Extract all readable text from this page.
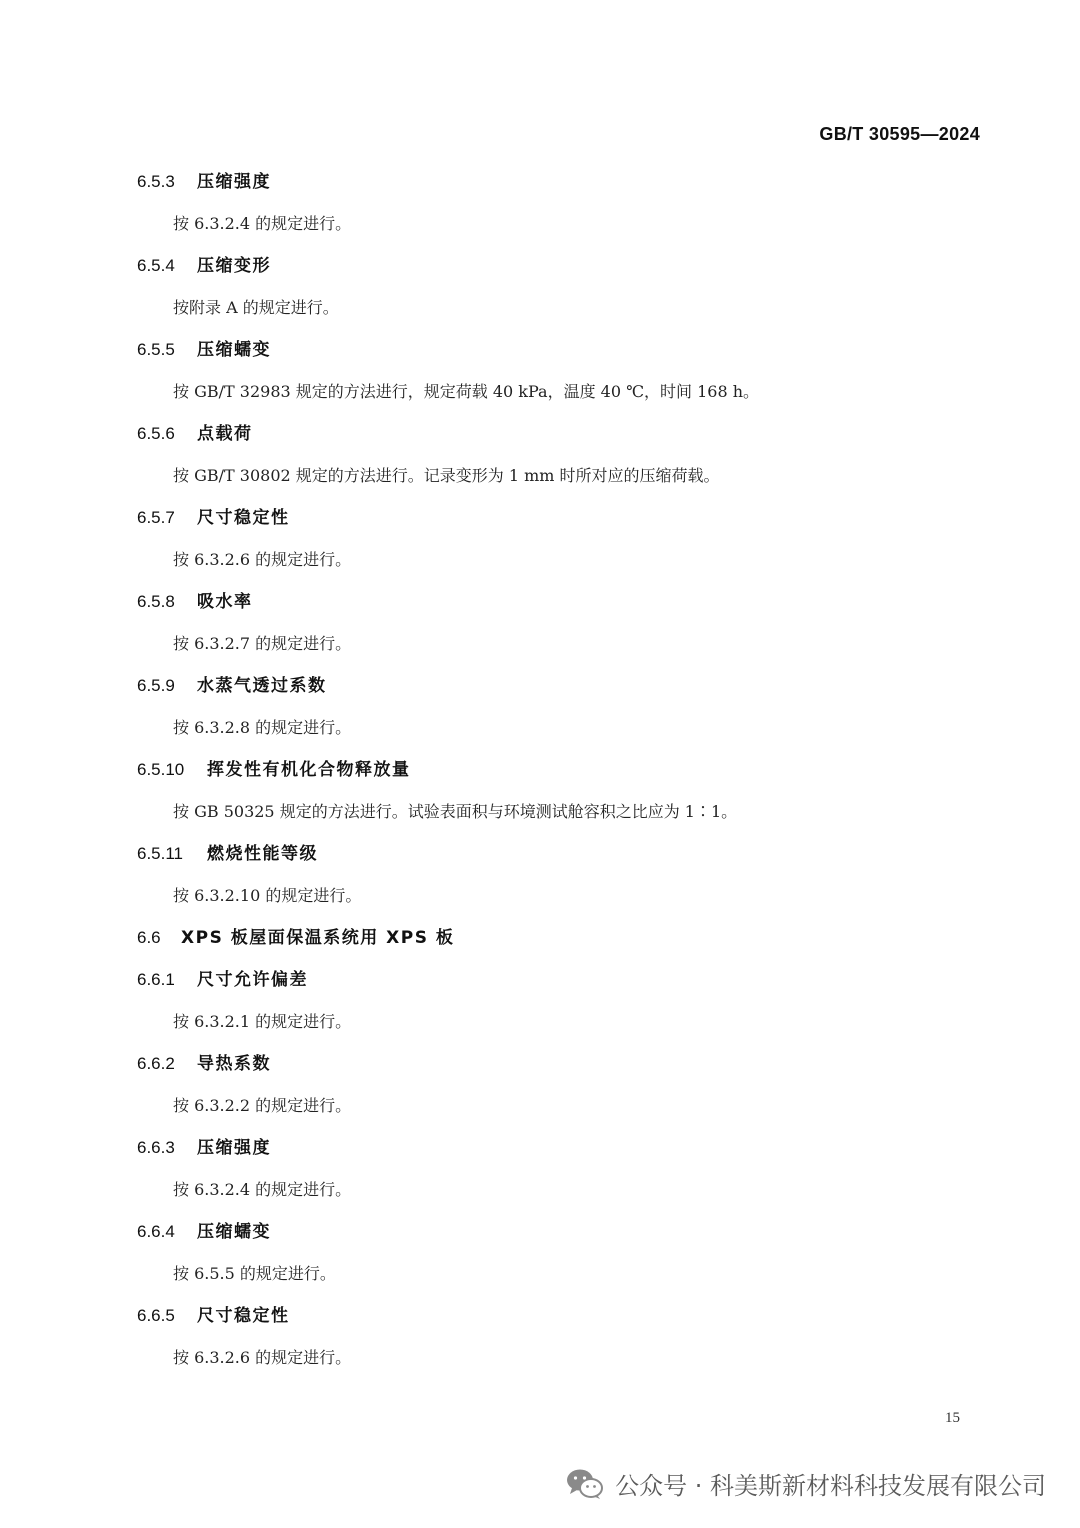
GB/T 30595—2024
6.5.3 压缩强度
按 6.3.2.4 的规定进行。
6.5.4 压缩变形
按附录 A 的规定进行。
6.5.5 压缩蠕变
按 GB/T 32983 规定的方法进行，规定荷载 40 kPa，温度 40 ℃，时间 168 h。
6.5.6 点载荷
按 GB/T 30802 规定的方法进行。记录变形为 1 mm 时所对应的压缩荷载。
6.5.7 尺寸稳定性
按 6.3.2.6 的规定进行。
6.5.8 吸水率
按 6.3.2.7 的规定进行。
6.5.9 水蒸气透过系数
按 6.3.2.8 的规定进行。
6.5.10 挥发性有机化合物释放量
按 GB 50325 规定的方法进行。试验表面积与环境测试舱容积之比应为 1∶1。
6.5.11 燃烧性能等级
按 6.3.2.10 的规定进行。
6.6 XPS 板屋面保温系统用 XPS 板
6.6.1 尺寸允许偏差
按 6.3.2.1 的规定进行。
6.6.2 导热系数
按 6.3.2.2 的规定进行。
6.6.3 压缩强度
按 6.3.2.4 的规定进行。
6.6.4 压缩蠕变
按 6.5.5 的规定进行。
6.6.5 尺寸稳定性
按 6.3.2.6 的规定进行。
15
公众号 · 科美斯新材料科技发展有限公司
